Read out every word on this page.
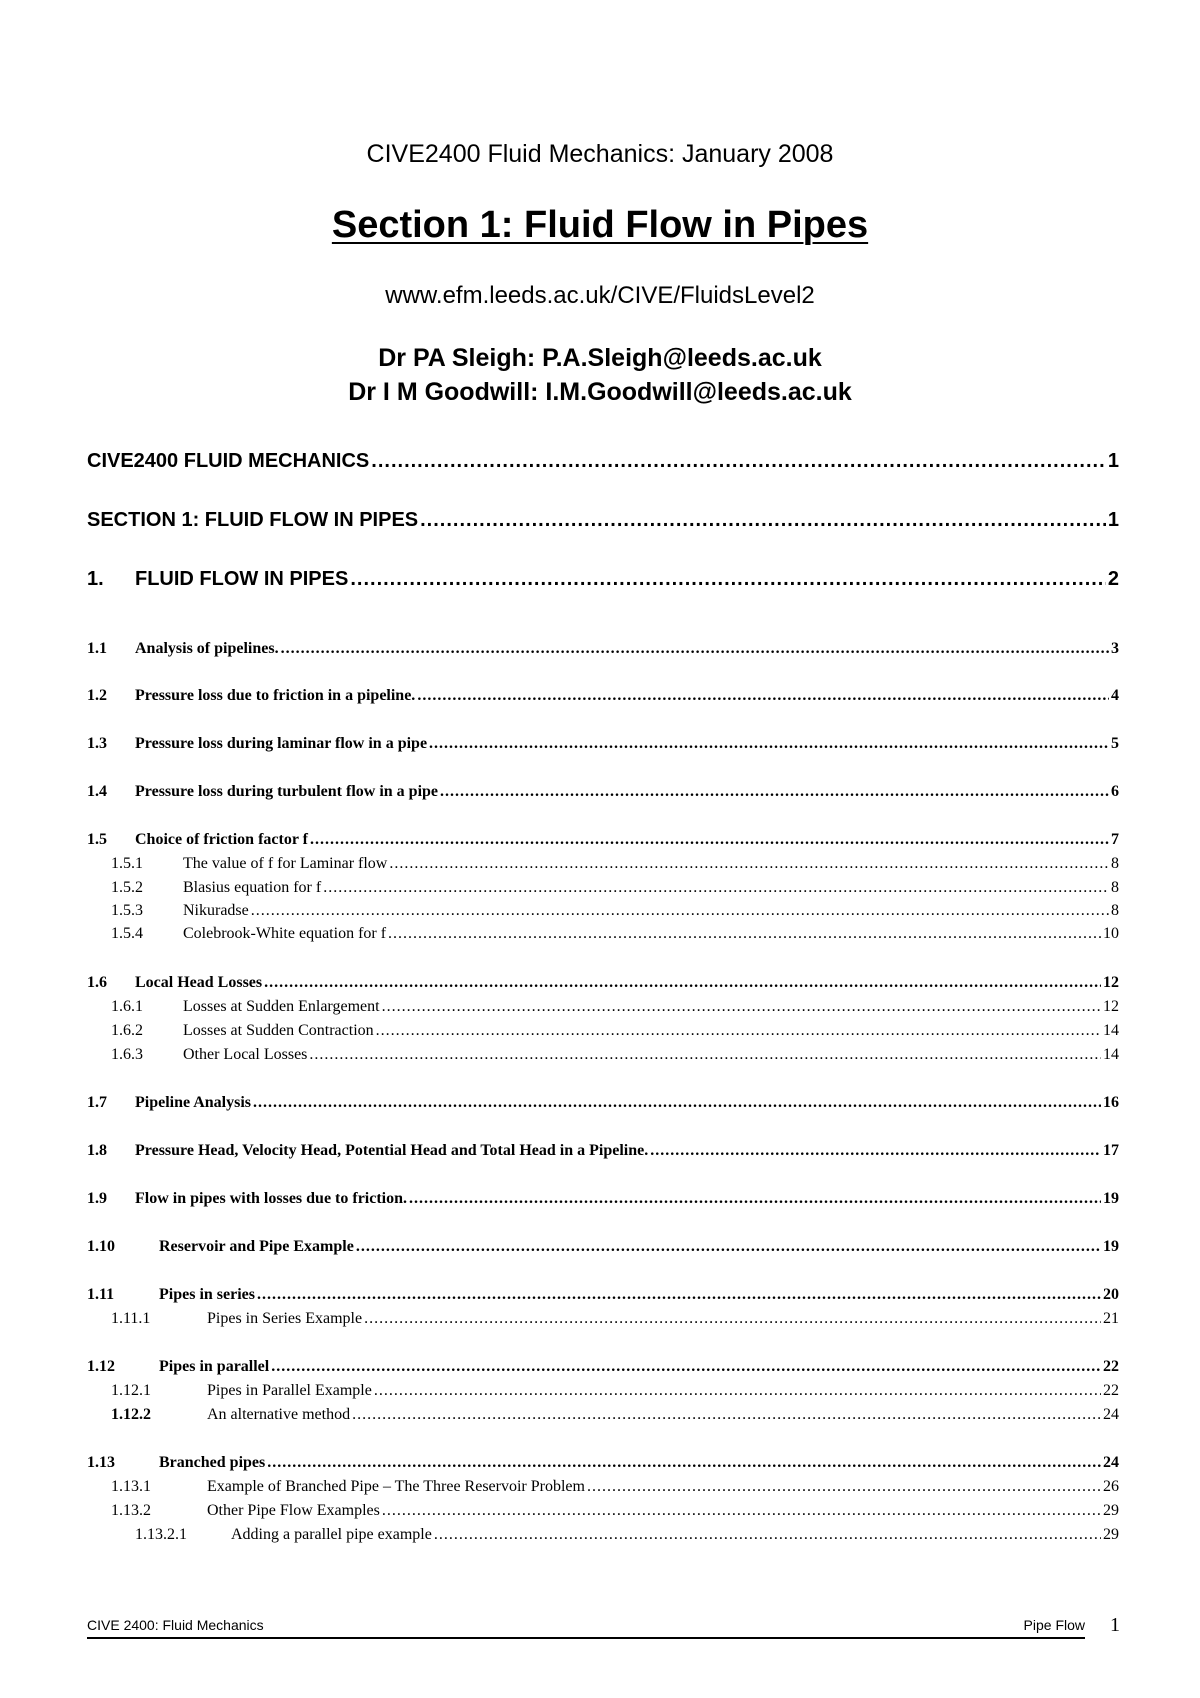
CIVE2400 Fluid Mechanics: January 2008
Section 1: Fluid Flow in Pipes
www.efm.leeds.ac.uk/CIVE/FluidsLevel2
Dr PA Sleigh: P.A.Sleigh@leeds.ac.uk
Dr I M Goodwill: I.M.Goodwill@leeds.ac.uk
CIVE2400 FLUID MECHANICS .....	1
SECTION 1: FLUID FLOW IN PIPES .....	1
1.	FLUID FLOW IN PIPES .....	2
1.1	Analysis of pipelines. .....	3
1.2	Pressure loss due to friction in a pipeline. .....	4
1.3	Pressure loss during laminar flow in a pipe .....	5
1.4	Pressure loss during turbulent flow in a pipe .....	6
1.5	Choice of friction factor f .....	7
1.5.1	The value of f for Laminar flow .....	8
1.5.2	Blasius equation for f .....	8
1.5.3	Nikuradse .....	8
1.5.4	Colebrook-White equation for f .....	10
1.6	Local Head Losses .....	12
1.6.1	Losses at Sudden Enlargement .....	12
1.6.2	Losses at Sudden Contraction .....	14
1.6.3	Other Local Losses .....	14
1.7	Pipeline Analysis .....	16
1.8	Pressure Head, Velocity Head, Potential Head and Total Head in a Pipeline. .....	17
1.9	Flow in pipes with losses due to friction. .....	19
1.10	Reservoir and Pipe Example .....	19
1.11	Pipes in series .....	20
1.11.1	Pipes in Series Example .....	21
1.12	Pipes in parallel .....	22
1.12.1	Pipes in Parallel Example .....	22
1.12.2	An alternative method .....	24
1.13	Branched pipes .....	24
1.13.1	Example of Branched Pipe – The Three Reservoir Problem .....	26
1.13.2	Other Pipe Flow Examples .....	29
1.13.2.1	Adding a parallel pipe example .....	29
CIVE 2400: Fluid Mechanics	Pipe Flow 1
